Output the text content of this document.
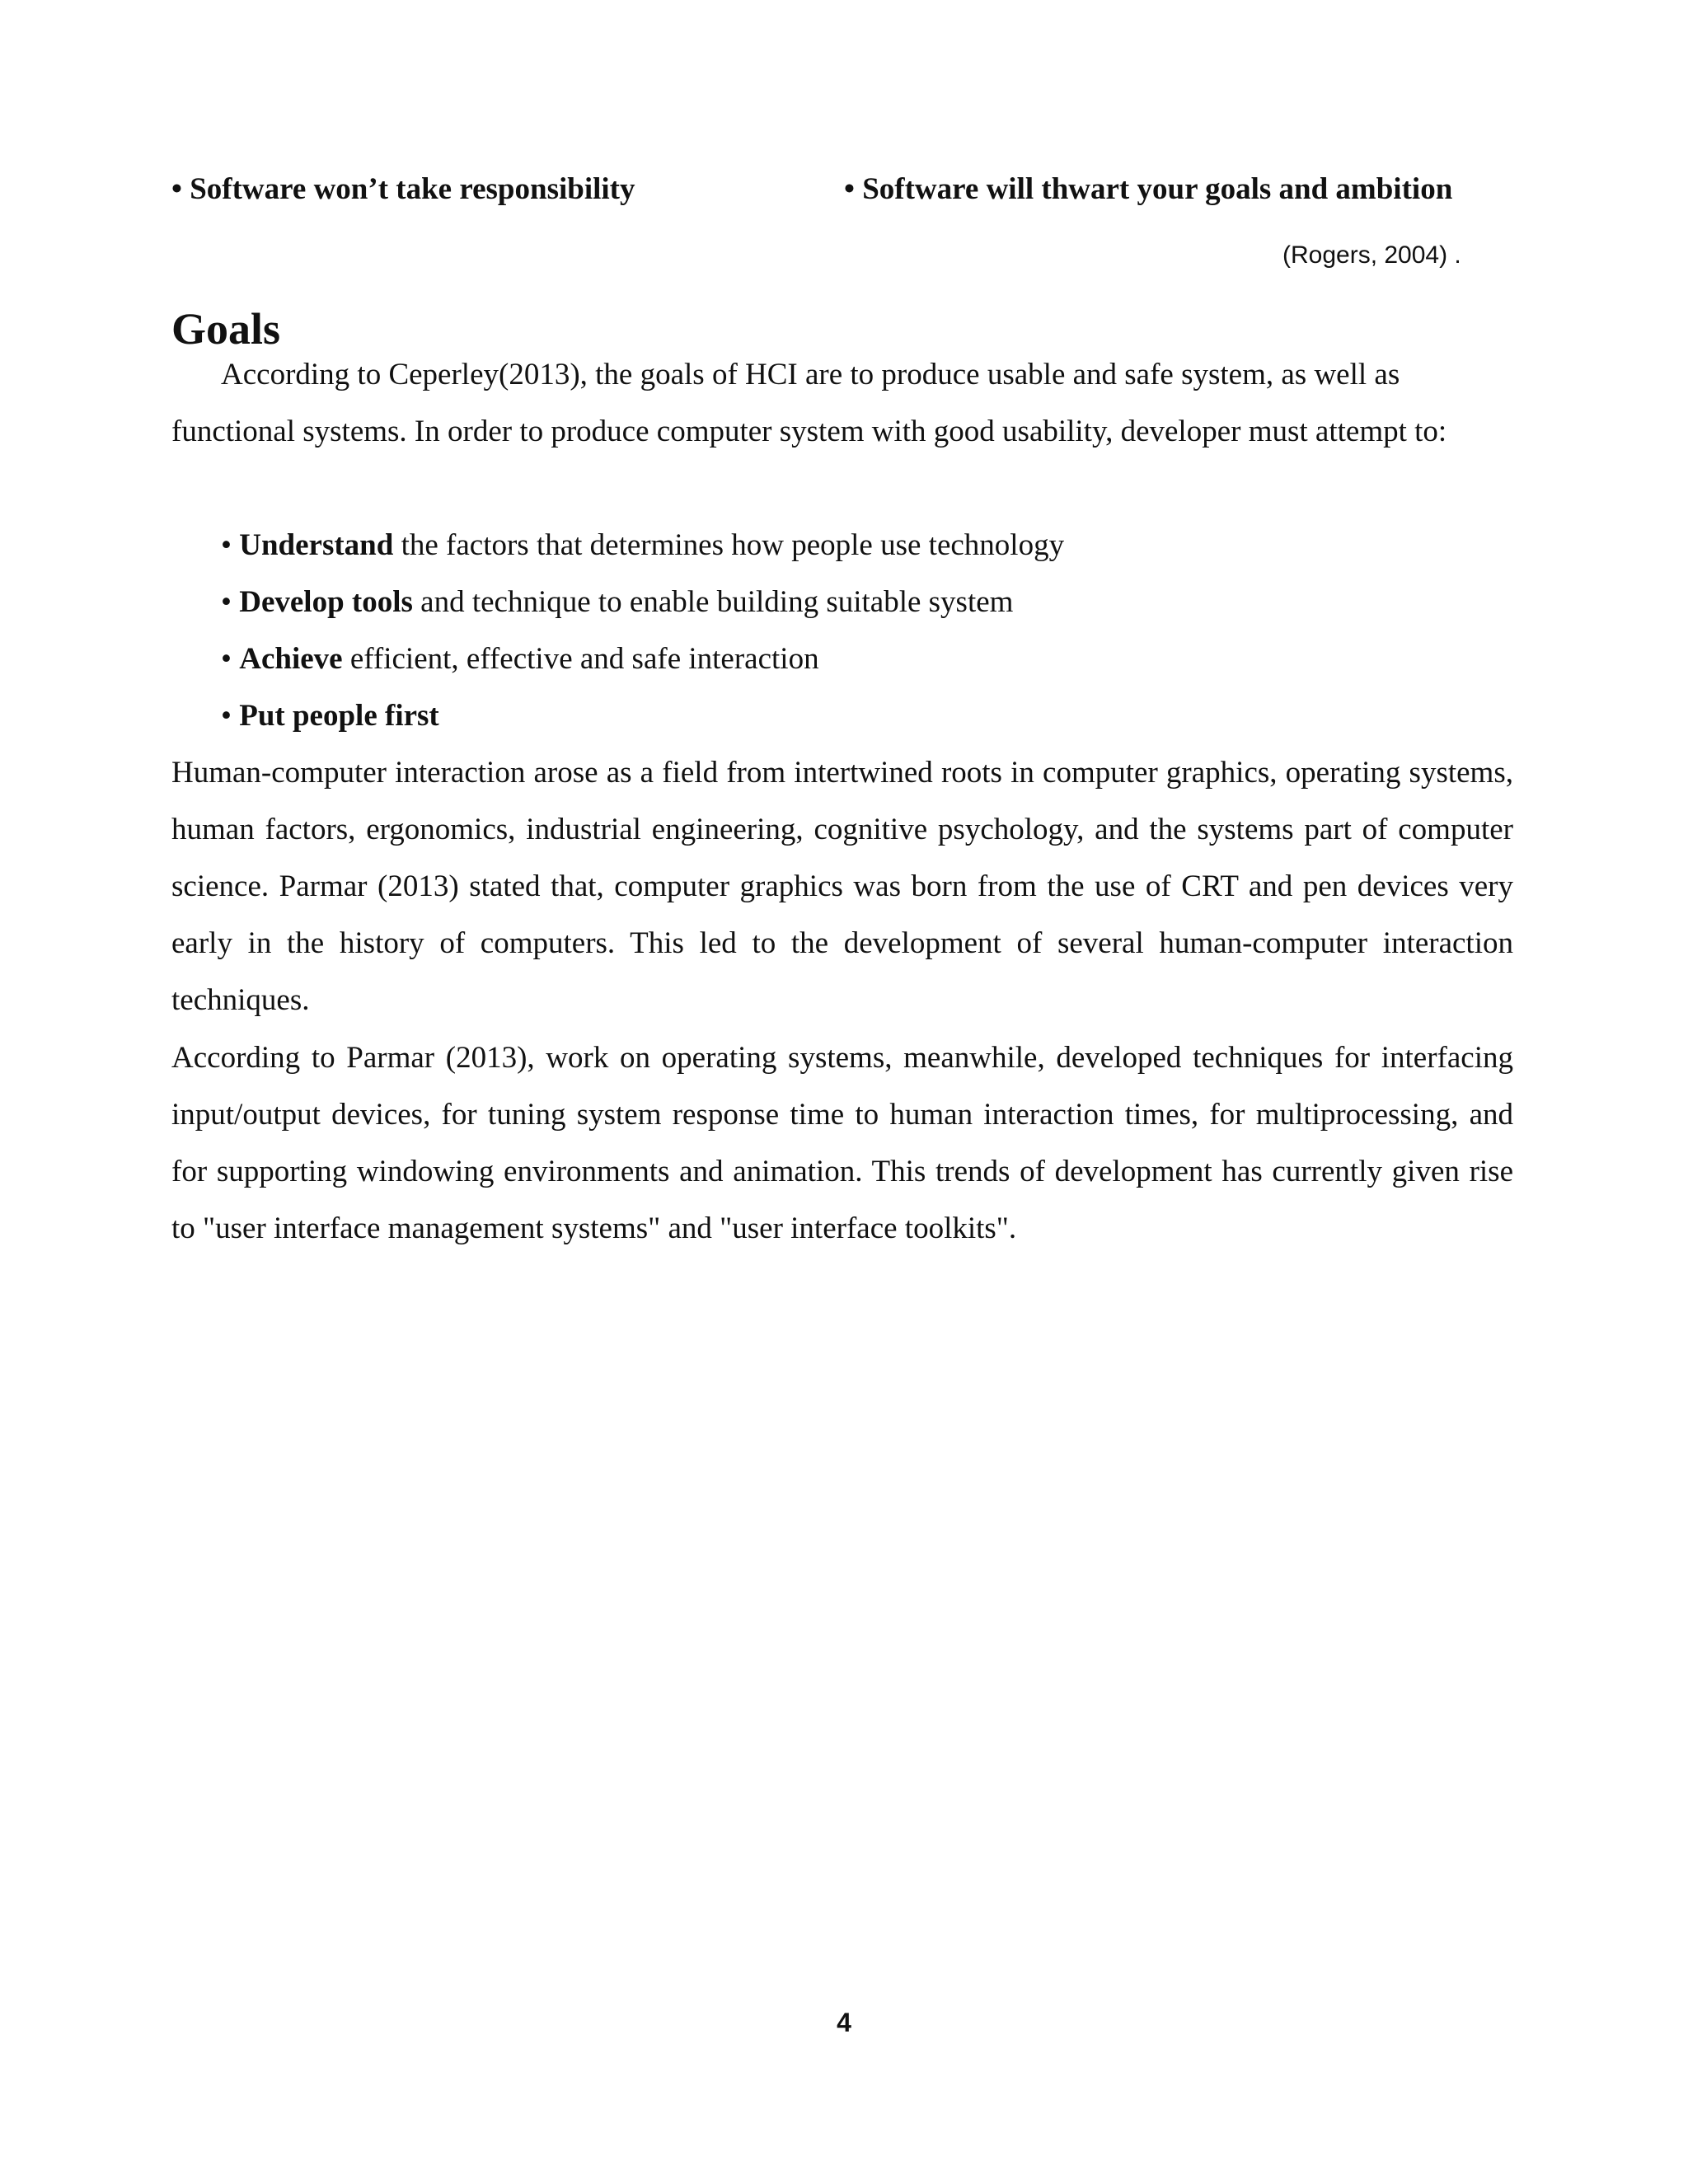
• Software won’t take responsibility	• Software will thwart your goals and ambition
(Rogers, 2004) .
Goals

According to Ceperley(2013), the goals of HCI are to produce usable and safe system, as well as functional systems. In order to produce computer system with good usability, developer must attempt to:

• Understand the factors that determines how people use technology
• Develop tools and technique to enable building suitable system
• Achieve efficient, effective and safe interaction
• Put people first

Human-computer interaction arose as a field from intertwined roots in computer graphics, operating systems, human factors, ergonomics, industrial engineering, cognitive psychology, and the systems part of computer science. Parmar (2013) stated that, computer graphics was born from the use of CRT and pen devices very early in the history of computers. This led to the development of several human-computer interaction techniques.

According to Parmar (2013), work on operating systems, meanwhile, developed techniques for interfacing input/output devices, for tuning system response time to human interaction times, for multiprocessing, and for supporting windowing environments and animation. This trends of development has currently given rise to "user interface management systems" and "user interface toolkits".

4
